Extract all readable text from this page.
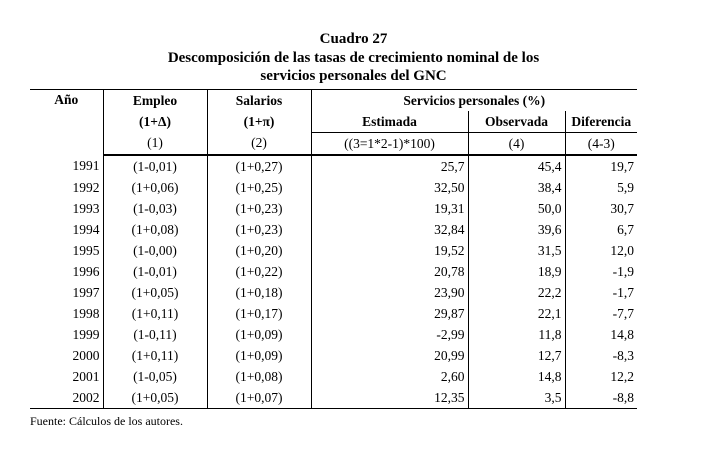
Cuadro 27
Descomposición de las tasas de crecimiento nominal de los
servicios personales del GNC
Año	Empleo	Salarios	Servicios personales (%)		
	(1+Δ)	(1+π)	Estimada	Observada	Diferencia
	(1)	(2)	((3=1*2-1)*100)	(4)	(4-3)
1991	(1-0,01)	(1+0,27)	25,7	45,4	19,7
1992	(1+0,06)	(1+0,25)	32,50	38,4	5,9
1993	(1-0,03)	(1+0,23)	19,31	50,0	30,7
1994	(1+0,08)	(1+0,23)	32,84	39,6	6,7
1995	(1-0,00)	(1+0,20)	19,52	31,5	12,0
1996	(1-0,01)	(1+0,22)	20,78	18,9	-1,9
1997	(1+0,05)	(1+0,18)	23,90	22,2	-1,7
1998	(1+0,11)	(1+0,17)	29,87	22,1	-7,7
1999	(1-0,11)	(1+0,09)	-2,99	11,8	14,8
2000	(1+0,11)	(1+0,09)	20,99	12,7	-8,3
2001	(1-0,05)	(1+0,08)	2,60	14,8	12,2
2002	(1+0,05)	(1+0,07)	12,35	3,5	-8,8
Fuente: Cálculos de los autores.
